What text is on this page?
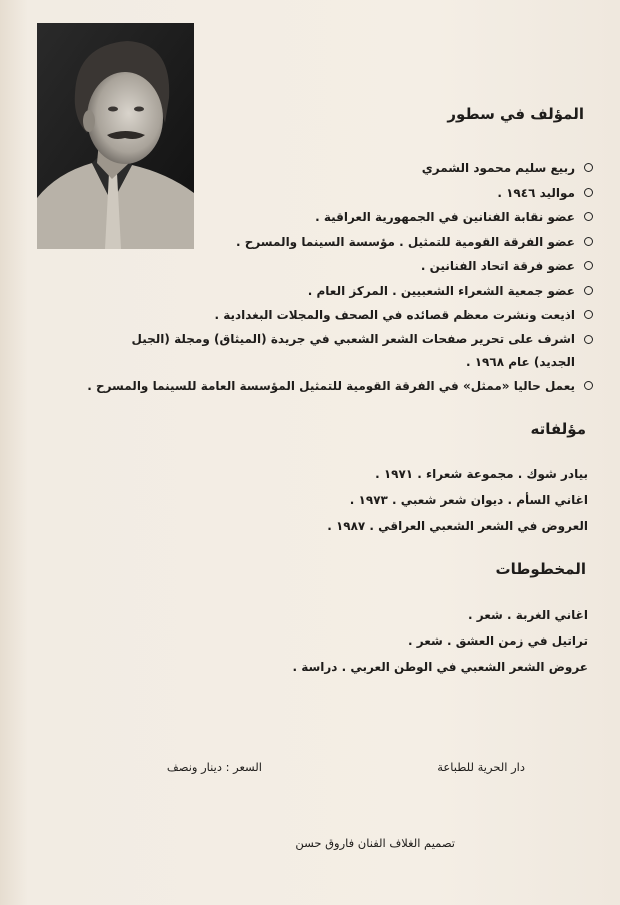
المؤلف في سطور
ربيع سليم محمود الشمري
مواليد ١٩٤٦ .
عضو نقابة الفنانين في الجمهورية العراقية .
عضو الفرقة القومية للتمثيل . مؤسسة السينما والمسرح .
عضو فرقة اتحاد الفنانين .
عضو جمعية الشعراء الشعبيين . المركز العام .
اذيعت ونشرت معظم قصائده في الصحف والمجلات البغدادية .
اشرف على تحرير صفحات الشعر الشعبي في جريدة (الميثاق) ومجلة (الجيل الجديد) عام ١٩٦٨ .
يعمل حاليا «ممثل» في الفرقة القومية للتمثيل المؤسسة العامة للسينما والمسرح .
مؤلفاته
بيادر شوك . مجموعة شعراء . ١٩٧١ .
اغاني السأم . ديوان شعر شعبي . ١٩٧٣ .
العروض في الشعر الشعبي العراقي . ١٩٨٧ .
المخطوطات
اغاني الغربة . شعر .
تراتيل في زمن العشق . شعر .
عروض الشعر الشعبي في الوطن العربي . دراسة .
دار الحرية للطباعة
السعر : دينار ونصف
تصميم الغلاف الفنان فاروق حسن
